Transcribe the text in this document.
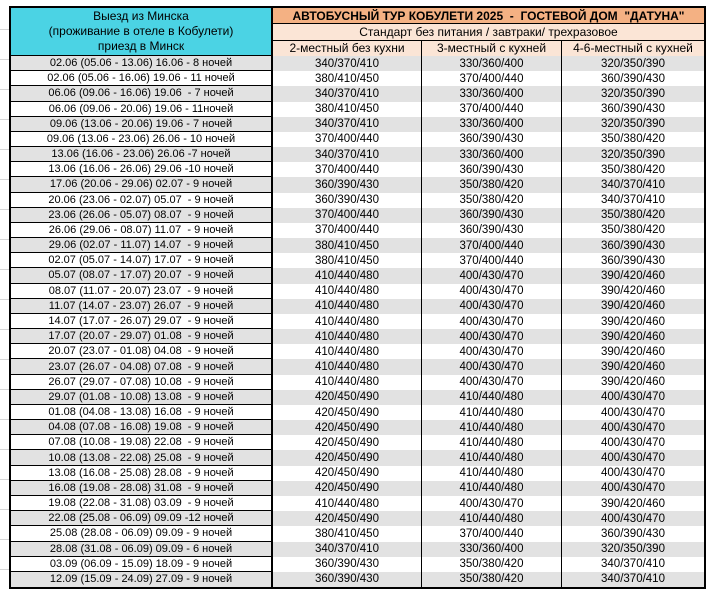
Выезд из Минска
(проживание в отеле в Кобулети)
приезд в Минск
АВТОБУСНЫЙ ТУР КОБУЛЕТИ 2025  -  ГОСТЕВОЙ ДОМ  "ДАТУНА"
Стандарт без питания / завтраки/ трехразовое
2-местный без кухни	3-местный с кухней	4-6-местный с кухней
02.06 (05.06 - 13.06) 16.06 - 8 ночей	340/370/410	330/360/400	320/350/390
02.06 (05.06 - 16.06) 19.06 - 11 ночей	380/410/450	370/400/440	360/390/430
06.06 (09.06 - 16.06) 19.06  - 7 ночей	340/370/410	330/360/400	320/350/390
06.06 (09.06 - 20.06) 19.06 - 11ночей	380/410/450	370/400/440	360/390/430
09.06 (13.06 - 20.06) 19.06 - 7 ночей	340/370/410	330/360/400	320/350/390
09.06 (13.06 - 23.06) 26.06 - 10 ночей	370/400/440	360/390/430	350/380/420
13.06 (16.06 - 23.06) 26.06 -7 ночей	340/370/410	330/360/400	320/350/390
13.06 (16.06 - 26.06) 29.06 -10 ночей	370/400/440	360/390/430	350/380/420
17.06 (20.06 - 29.06) 02.07 - 9 ночей	360/390/430	350/380/420	340/370/410
20.06 (23.06 - 02.07) 05.07  - 9 ночей	360/390/430	350/380/420	340/370/410
23.06 (26.06 - 05.07) 08.07  - 9 ночей	370/400/440	360/390/430	350/380/420
26.06 (29.06 - 08.07) 11.07  - 9 ночей	370/400/440	360/390/430	350/380/420
29.06 (02.07 - 11.07) 14.07  - 9 ночей	380/410/450	370/400/440	360/390/430
02.07 (05.07 - 14.07) 17.07  - 9 ночей	380/410/450	370/400/440	360/390/430
05.07 (08.07 - 17.07) 20.07  - 9 ночей	410/440/480	400/430/470	390/420/460
08.07 (11.07 - 20.07) 23.07  - 9 ночей	410/440/480	400/430/470	390/420/460
11.07 (14.07 - 23.07) 26.07  - 9 ночей	410/440/480	400/430/470	390/420/460
14.07 (17.07 - 26.07) 29.07  - 9 ночей	410/440/480	400/430/470	390/420/460
17.07 (20.07 - 29.07) 01.08  - 9 ночей	410/440/480	400/430/470	390/420/460
20.07 (23.07 - 01.08) 04.08  - 9 ночей	410/440/480	400/430/470	390/420/460
23.07 (26.07 - 04.08) 07.08  - 9 ночей	410/440/480	400/430/470	390/420/460
26.07 (29.07 - 07.08) 10.08  - 9 ночей	410/440/480	400/430/470	390/420/460
29.07 (01.08 - 10.08) 13.08  - 9 ночей	420/450/490	410/440/480	400/430/470
01.08 (04.08 - 13.08) 16.08  - 9 ночей	420/450/490	410/440/480	400/430/470
04.08 (07.08 - 16.08) 19.08  - 9 ночей	420/450/490	410/440/480	400/430/470
07.08 (10.08 - 19.08) 22.08  - 9 ночей	420/450/490	410/440/480	400/430/470
10.08 (13.08 - 22.08) 25.08  - 9 ночей	420/450/490	410/440/480	400/430/470
13.08 (16.08 - 25.08) 28.08  - 9 ночей	420/450/490	410/440/480	400/430/470
16.08 (19.08 - 28.08) 31.08  - 9 ночей	420/450/490	410/440/480	400/430/470
19.08 (22.08 - 31.08) 03.09  - 9 ночей	410/440/480	400/430/470	390/420/460
22.08 (25.08 - 06.09) 09.09 -12 ночей	420/450/490	410/440/480	400/430/470
25.08 (28.08 - 06.09) 09.09 - 9 ночей	380/410/450	370/400/440	360/390/430
28.08 (31.08 - 06.09) 09.09 - 6 ночей	340/370/410	330/360/400	320/350/390
03.09 (06.09 - 15.09) 18.09 - 9 ночей	360/390/430	350/380/420	340/370/410
12.09 (15.09 - 24.09) 27.09 - 9 ночей	360/390/430	350/380/420	340/370/410
